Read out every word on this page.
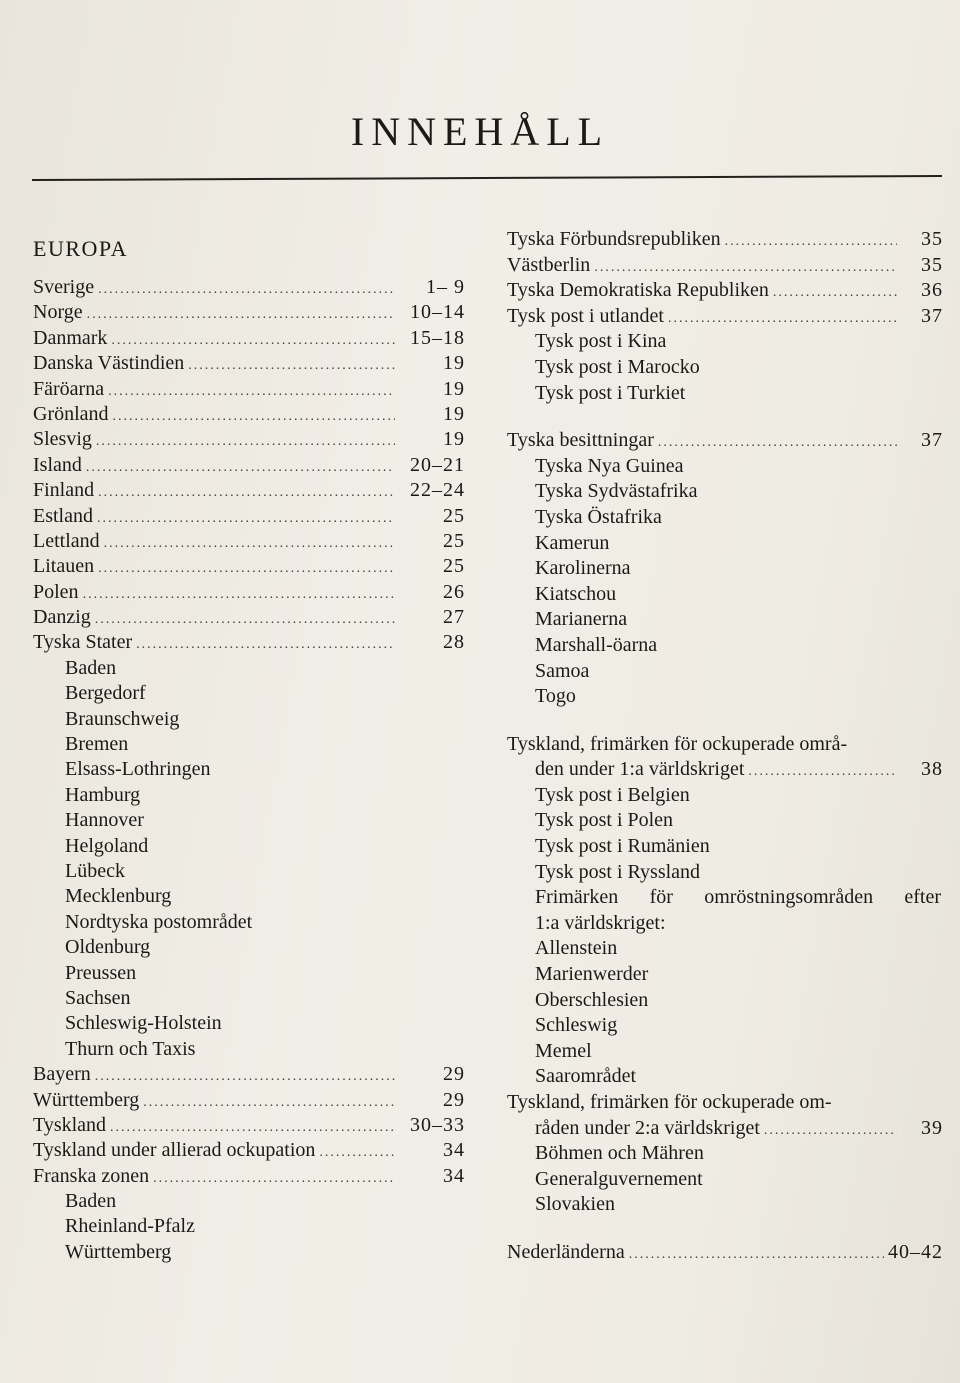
INNEHÅLL
EUROPA
Sverige .....	1– 9
Norge .....	10–14
Danmark .....	15–18
Danska Västindien .....	19
Färöarna .....	19
Grönland .....	19
Slesvig .....	19
Island .....	20–21
Finland .....	22–24
Estland .....	25
Lettland .....	25
Litauen .....	25
Polen .....	26
Danzig .....	27
Tyska Stater .....	28
Baden
Bergedorf
Braunschweig
Bremen
Elsass-Lothringen
Hamburg
Hannover
Helgoland
Lübeck
Mecklenburg
Nordtyska postområdet
Oldenburg
Preussen
Sachsen
Schleswig-Holstein
Thurn och Taxis
Bayern .....	29
Württemberg .....	29
Tyskland .....	30–33
Tyskland under allierad ockupation .....	34
Franska zonen .....	34
Baden
Rheinland-Pfalz
Württemberg
Tyska Förbundsrepubliken .....	35
Västberlin .....	35
Tyska Demokratiska Republiken .....	36
Tysk post i utlandet .....	37
Tysk post i Kina
Tysk post i Marocko
Tysk post i Turkiet
Tyska besittningar .....	37
Tyska Nya Guinea
Tyska Sydvästafrika
Tyska Östafrika
Kamerun
Karolinerna
Kiatschou
Marianerna
Marshall-öarna
Samoa
Togo
Tyskland, frimärken för ockuperade områ-
den under 1:a världskriget .....	38
Tysk post i Belgien
Tysk post i Polen
Tysk post i Rumänien
Tysk post i Ryssland
Frimärken för omröstningsområden efter
1:a världskriget:
Allenstein
Marienwerder
Oberschlesien
Schleswig
Memel
Saarområdet
Tyskland, frimärken för ockuperade om-
råden under 2:a världskriget .....	39
Böhmen och Mähren
Generalguvernement
Slovakien
Nederländerna .....	40–42
